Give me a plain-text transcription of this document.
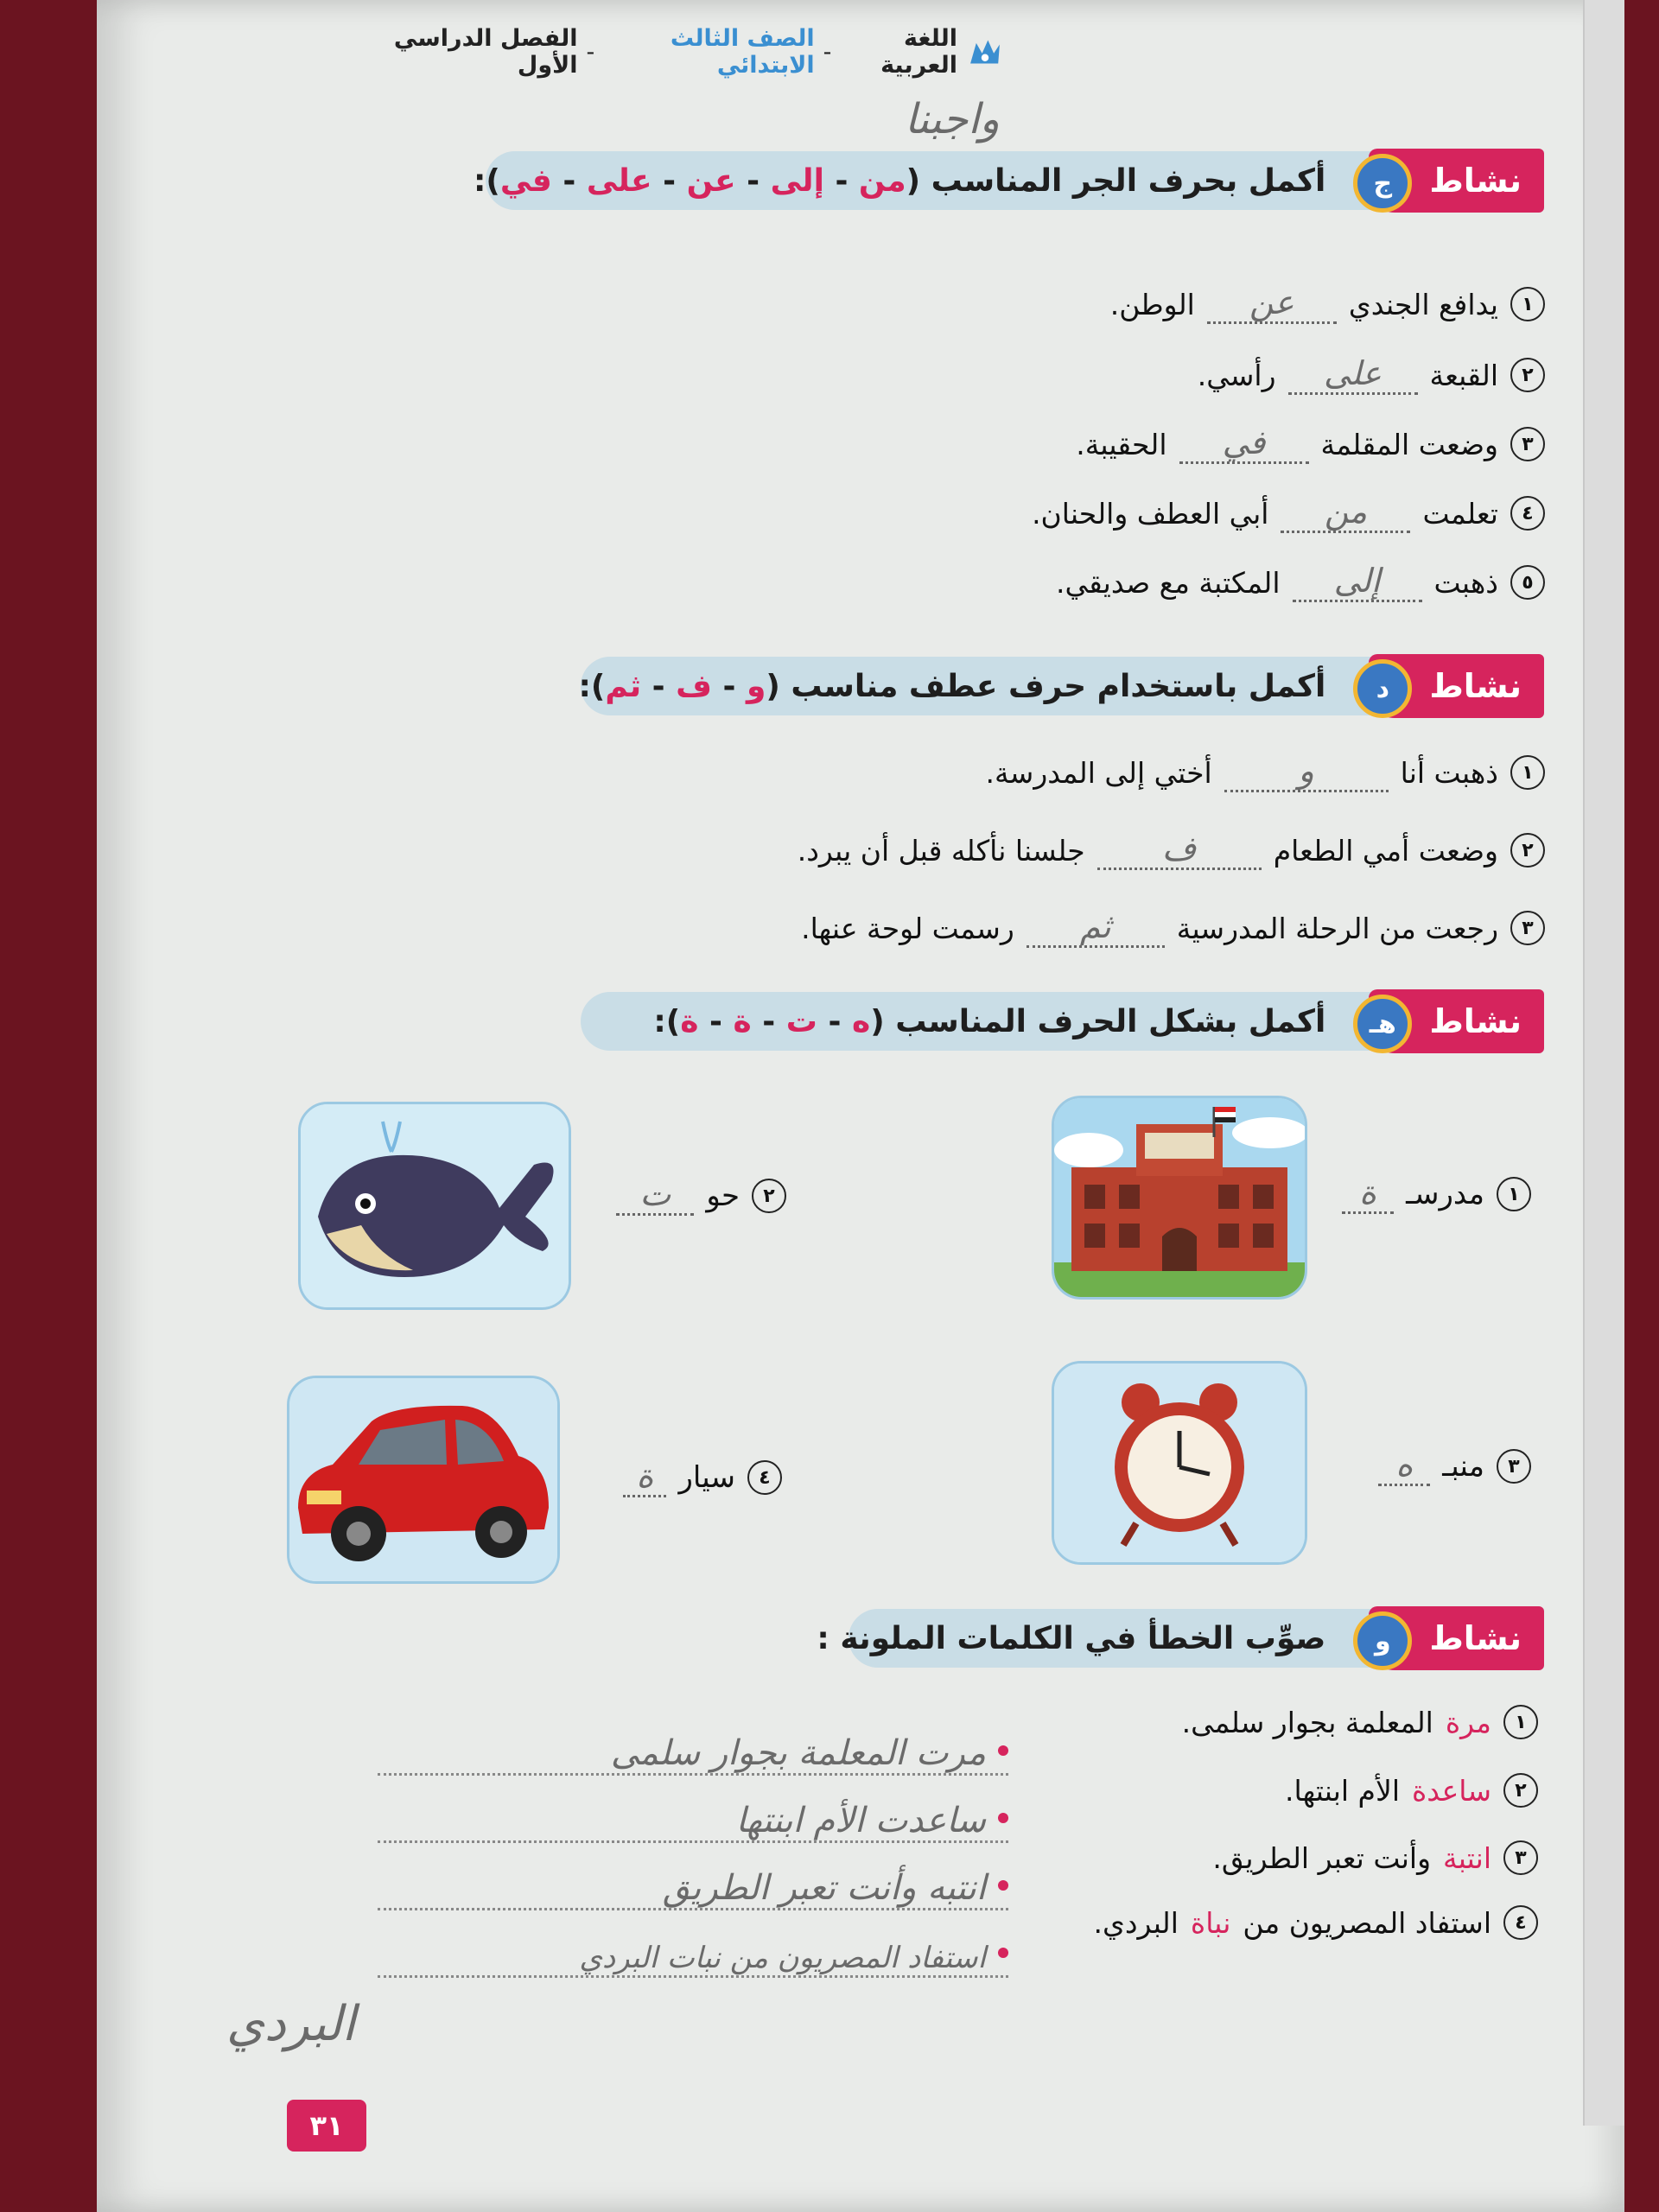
اللغة العربية
-
الصف الثالث الابتدائي
-
الفصل الدراسي الأول
واجبنا
نشاط
ج
أكمل بحرف الجر المناسب (من - إلى - عن - على - في):
١
يدافع الجندي
عن
الوطن.
٢
القبعة
على
رأسي.
٣
وضعت المقلمة
في
الحقيبة.
٤
تعلمت
من
أبي العطف والحنان.
٥
ذهبت
إلى
المكتبة مع صديقي.
نشاط
د
أكمل باستخدام حرف عطف مناسب (و - ف - ثم):
١
ذهبت أنا
و
أختي إلى المدرسة.
٢
وضعت أمي الطعام
ف
جلسنا نأكله قبل أن يبرد.
٣
رجعت من الرحلة المدرسية
ثم
رسمت لوحة عنها.
نشاط
هـ
أكمل بشكل الحرف المناسب (ه - ت - ة - ة):
١
مدرسـ
ة
٢
حو
ت
٣
منبـ
ه
٤
سيار
ة
نشاط
و
صوِّب الخطأ في الكلمات الملونة :
١
مرة
المعلمة بجوار سلمى.
٢
ساعدة
الأم ابنتها.
٣
انتبة
وأنت تعبر الطريق.
٤
استفاد المصريون من
نباة
البردي.
مرت المعلمة بجوار سلمى
ساعدت الأم ابنتها
انتبه وأنت تعبر الطريق
استفاد المصريون من نبات البردي
البردي
٣١
